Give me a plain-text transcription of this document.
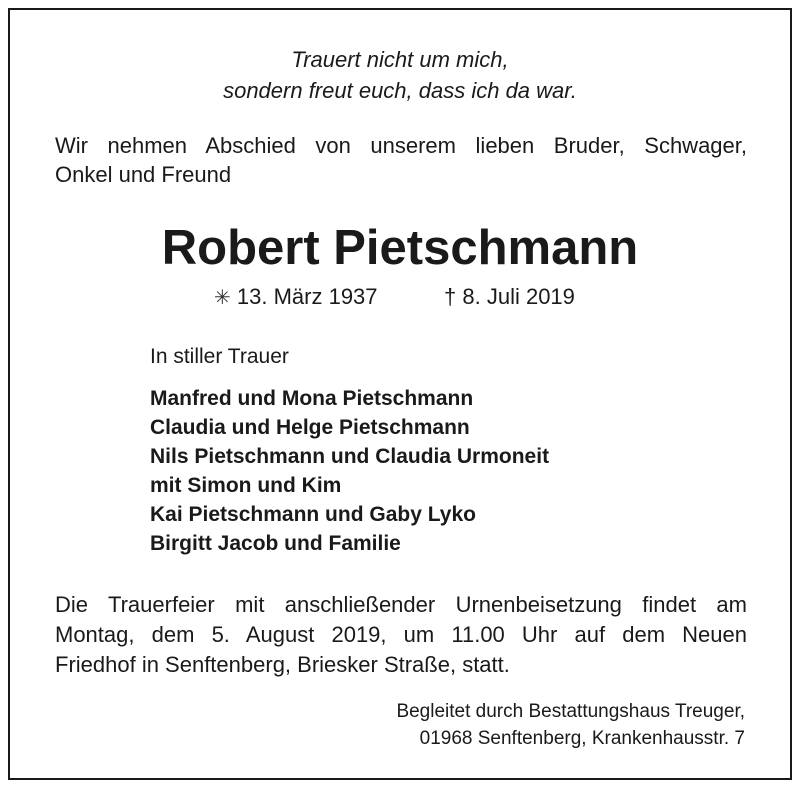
Trauert nicht um mich,
sondern freut euch, dass ich da war.
Wir nehmen Abschied von unserem lieben Bruder, Schwager,
Onkel und Freund
Robert Pietschmann
✳ 13. März 1937	† 8. Juli 2019
In stiller Trauer
Manfred und Mona Pietschmann
Claudia und Helge Pietschmann
Nils Pietschmann und Claudia Urmoneit
mit Simon und Kim
Kai Pietschmann und Gaby Lyko
Birgitt Jacob und Familie

Die Trauerfeier mit anschließender Urnenbeisetzung findet am
Montag, dem 5. August 2019, um 11.00 Uhr auf dem Neuen
Friedhof in Senftenberg, Briesker Straße, statt.

Begleitet durch Bestattungshaus Treuger,
01968 Senftenberg, Krankenhausstr. 7
